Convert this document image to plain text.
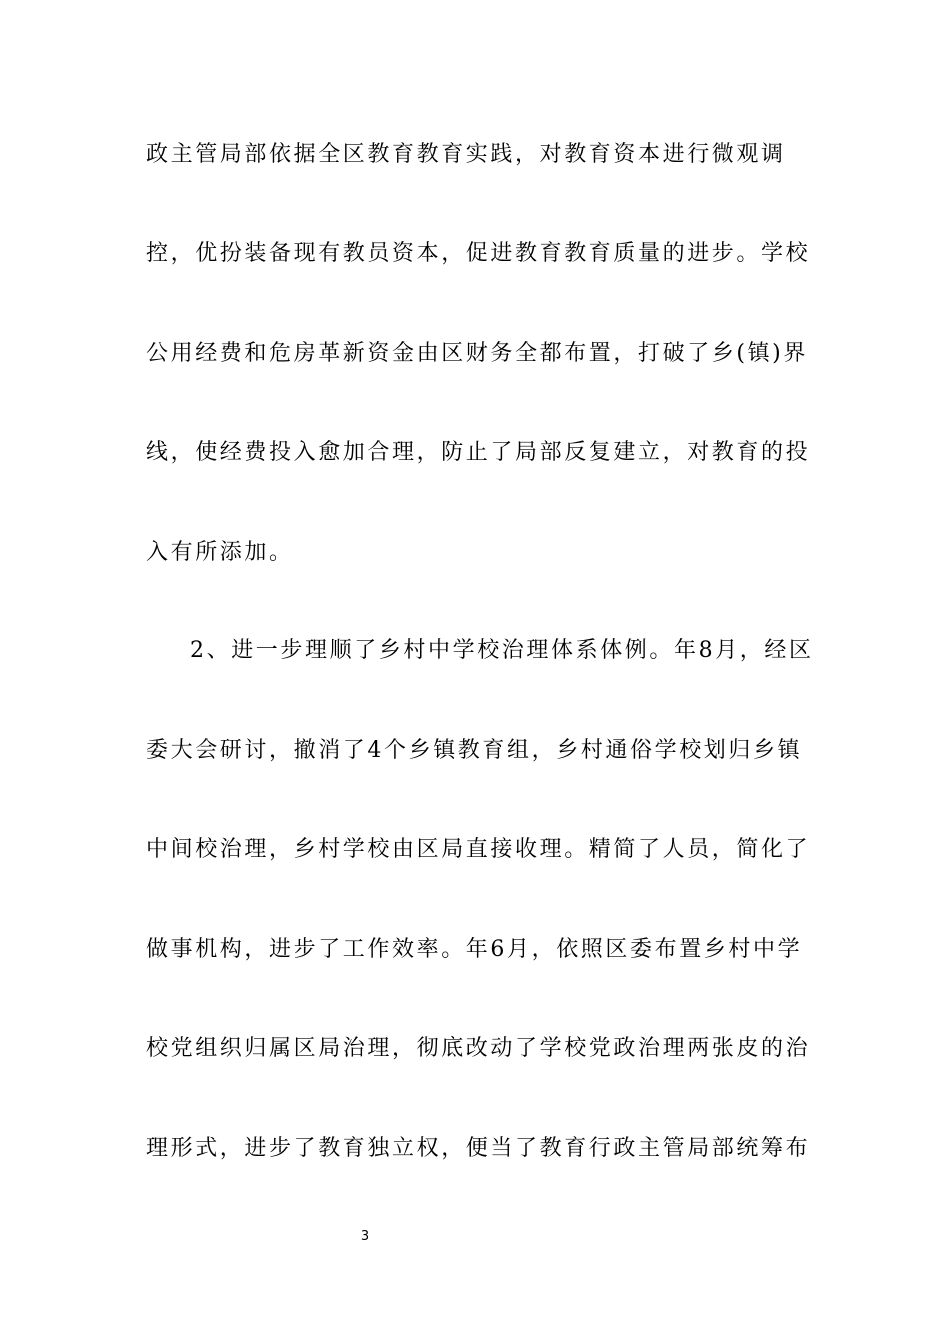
政主管局部依据全区教育教育实践，对教育资本进行微观调
控，优扮装备现有教员资本，促进教育教育质量的进步。学校
公用经费和危房革新资金由区财务全都布置，打破了乡(镇)界
线，使经费投入愈加合理，防止了局部反复建立，对教育的投
入有所添加。
2、进一步理顺了乡村中学校治理体系体例。年8月，经区
委大会研讨，撤消了4个乡镇教育组，乡村通俗学校划归乡镇
中间校治理，乡村学校由区局直接收理。精简了人员，简化了
做事机构，进步了工作效率。年6月，依照区委布置乡村中学
校党组织归属区局治理，彻底改动了学校党政治理两张皮的治
理形式，进步了教育独立权，便当了教育行政主管局部统筹布
3
